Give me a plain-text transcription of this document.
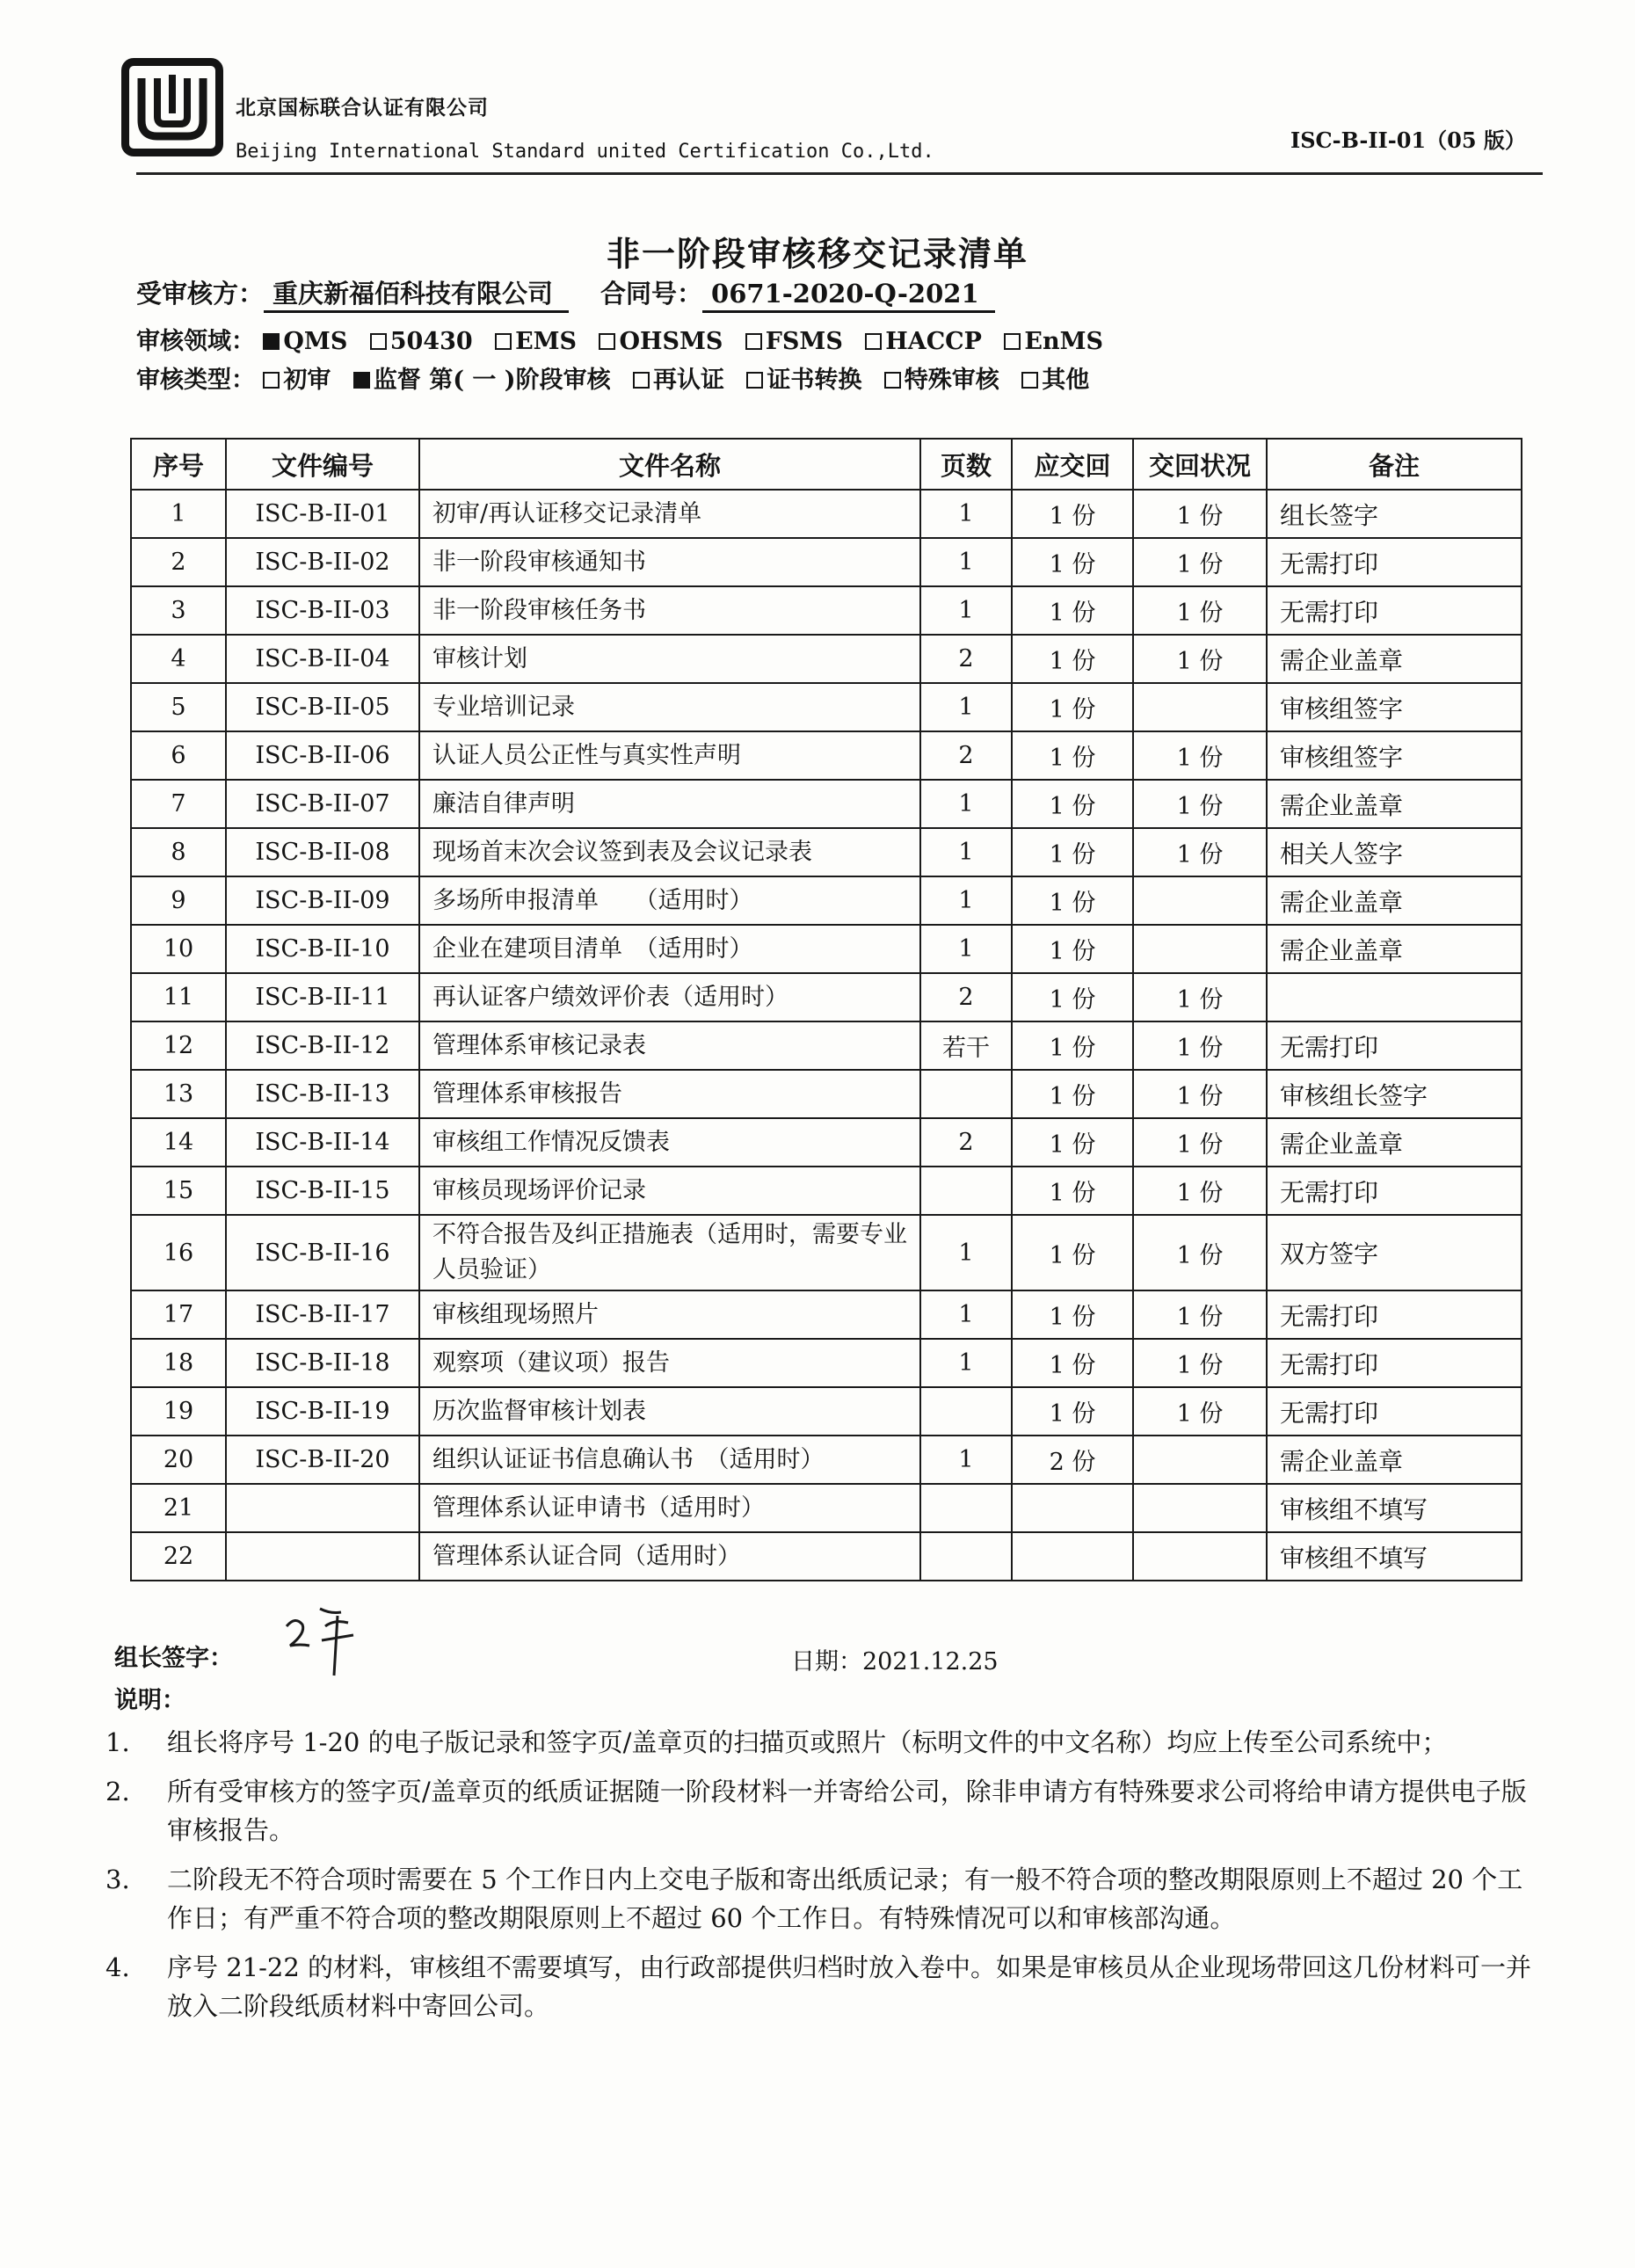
北京国标联合认证有限公司
Beijing International Standard united Certification Co.,Ltd.	ISC-B-II-01（05 版）
非一阶段审核移交记录清单
受审核方： 重庆新福佰科技有限公司 合同号： 0671-2020-Q-2021
审核领域： QMS 50430 EMS OHSMS FSMS HACCP EnMS
审核类型： 初审 监督 第( 一 )阶段审核 再认证 证书转换 特殊审核 其他
序号	文件编号	文件名称	页数	应交回	交回状况	备注
1	ISC-B-II-01	初审/再认证移交记录清单	1	1 份	1 份	组长签字
2	ISC-B-II-02	非一阶段审核通知书	1	1 份	1 份	无需打印
3	ISC-B-II-03	非一阶段审核任务书	1	1 份	1 份	无需打印
4	ISC-B-II-04	审核计划	2	1 份	1 份	需企业盖章
5	ISC-B-II-05	专业培训记录	1	1 份		审核组签字
6	ISC-B-II-06	认证人员公正性与真实性声明	2	1 份	1 份	审核组签字
7	ISC-B-II-07	廉洁自律声明	1	1 份	1 份	需企业盖章
8	ISC-B-II-08	现场首末次会议签到表及会议记录表	1	1 份	1 份	相关人签字
9	ISC-B-II-09	多场所申报清单　　（适用时）	1	1 份		需企业盖章
10	ISC-B-II-10	企业在建项目清单　（适用时）	1	1 份		需企业盖章
11	ISC-B-II-11	再认证客户绩效评价表（适用时）	2	1 份	1 份	
12	ISC-B-II-12	管理体系审核记录表	若干	1 份	1 份	无需打印
13	ISC-B-II-13	管理体系审核报告		1 份	1 份	审核组长签字
14	ISC-B-II-14	审核组工作情况反馈表	2	1 份	1 份	需企业盖章
15	ISC-B-II-15	审核员现场评价记录		1 份	1 份	无需打印
16	ISC-B-II-16	不符合报告及纠正措施表（适用时，需要专业人员验证）	1	1 份	1 份	双方签字
17	ISC-B-II-17	审核组现场照片	1	1 份	1 份	无需打印
18	ISC-B-II-18	观察项（建议项）报告	1	1 份	1 份	无需打印
19	ISC-B-II-19	历次监督审核计划表		1 份	1 份	无需打印
20	ISC-B-II-20	组织认证证书信息确认书　（适用时）	1	2 份		需企业盖章
21		管理体系认证申请书（适用时）				审核组不填写
22		管理体系认证合同（适用时）				审核组不填写
组长签字：	日期：2021.12.25
说明：
1. 组长将序号 1-20 的电子版记录和签字页/盖章页的扫描页或照片（标明文件的中文名称）均应上传至公司系统中；
2. 所有受审核方的签字页/盖章页的纸质证据随一阶段材料一并寄给公司，除非申请方有特殊要求公司将给申请方提供电子版审核报告。
3. 二阶段无不符合项时需要在 5 个工作日内上交电子版和寄出纸质记录；有一般不符合项的整改期限原则上不超过 20 个工作日；有严重不符合项的整改期限原则上不超过 60 个工作日。有特殊情况可以和审核部沟通。
4. 序号 21-22 的材料，审核组不需要填写，由行政部提供归档时放入卷中。如果是审核员从企业现场带回这几份材料可一并放入二阶段纸质材料中寄回公司。
